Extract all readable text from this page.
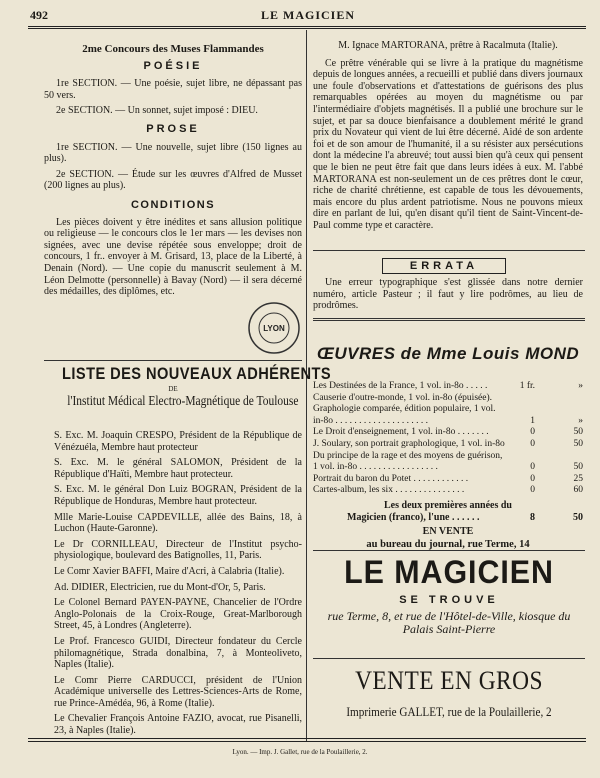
492	LE MAGICIEN

2me Concours des Muses Flammandes

POÉSIE

1re SECTION. — Une poésie, sujet libre, ne dépassant pas 50 vers.

2e SECTION. — Un sonnet, sujet imposé : DIEU.

PROSE

1re SECTION. — Une nouvelle, sujet libre (150 lignes au plus).

2e SECTION. — Étude sur les œuvres d'Alfred de Musset (200 lignes au plus).

CONDITIONS

Les pièces doivent y être inédites et sans allusion politique ou religieuse — le concours clos le 1er mars — les devises non signées, avec une devise répétée sous enveloppe; droit de concours, 1 fr.. envoyer à M. Grisard, 13, place de la Liberté, à Denain (Nord). — Une copie du manuscrit seulement à M. Léon Delmotte (personnelle) à Bavay (Nord) — il sera décerné des médailles, des diplômes, etc.

LYON

LISTE DES NOUVEAUX ADHÉRENTS

DE

l'Institut Médical Electro-Magnétique de Toulouse

S. Exc. M. Joaquin CRESPO, Président de la République de Vénézuéla, Membre haut protecteur

S. Exc. M. le général SALOMON, Président de la République d'Haïti, Membre haut protecteur.

S. Exc. M. le général Don Luiz BOGRAN, Président de la République de Honduras, Membre haut protecteur.

Mlle Marie-Louise CAPDEVILLE, allée des Bains, 18, à Luchon (Haute-Garonne).

Le Dr CORNILLEAU, Directeur de l'Institut psycho-physiologique, boulevard des Batignolles, 11, Paris.

Le Comr Xavier BAFFI, Maire d'Acri, à Calabria (Italie).

Ad. DIDIER, Electricien, rue du Mont-d'Or, 5, Paris.

Le Colonel Bernard PAYEN-PAYNE, Chancelier de l'Ordre Anglo-Polonais de la Croix-Rouge, Great-Marlborough Street, 45, à Londres (Angleterre).

Le Prof. Francesco GUIDI, Directeur fondateur du Cercle philomagnétique, Strada donalbina, 7, à Monteoliveto, Naples (Italie).

Le Comr Pierre CARDUCCI, président de l'Union Académique universelle des Lettres-Sciences-Arts de Rome, rue Prince-Amédéa, 96, à Rome (Italie).

Le Chevalier François Antoine FAZIO, avocat, rue Pisanelli, 23, à Naples (Italie).

M. Ignace MARTORANA, prêtre à Racalmuta (Italie).

Ce prêtre vénérable qui se livre à la pratique du magnétisme depuis de longues années, a recueilli et publié dans divers journaux une foule d'observations et d'attestations de guérisons des plus remarquables opérées au moyen du magnétisme ou par l'intermédiaire d'objets magnétisés. Il a publié une brochure sur le sujet, et par sa douce bienfaisance a doublement mérité le grand prix du Novateur qui vient de lui être décerné. Aidé de son ardente foi et de son amour de l'humanité, il a su résister aux persécutions dont la médecine l'a abreuvé; tout aussi bien qu'à ceux qui pensent que le bien ne peut être fait que dans leurs idées à eux. M. l'abbé MARTORANA est non-seulement un de ces prêtres dont le cœur, riche de charité chrétienne, est capable de tous les dévouements, mais encore du plus ardent patriotisme. Nous ne pouvons mieux dire en parlant de lui, qu'en disant qu'il tient de Saint-Vincent-de-Paul comme type et caractère.

ERRATA

Une erreur typographique s'est glissée dans notre dernier numéro, article Pasteur ; il faut y lire podrômes, au lieu de prodrômes.

ŒUVRES de Mme Louis MOND

Les Destinées de la France, 1 vol. in-8o . . . . .	1 fr.	»
Causerie d'outre-monde, 1 vol. in-8o (épuisée).
Graphologie comparée, édition populaire, 1 vol.
in-8o . . . . . . . . . . . . . . . . . . . .	1	»
Le Droit d'enseignement, 1 vol. in-8o . . . . . . .	0	50
J. Soulary, son portrait graphologique, 1 vol. in-8o	0	50
Du principe de la rage et des moyens de guérison,
1 vol. in-8o . . . . . . . . . . . . . . . . .	0	50
Portrait du baron du Potet . . . . . . . . . . . .	0	25
Cartes-album, les six . . . . . . . . . . . . . . .	0	60

Les deux premières années du

Magicien (franco), l'une . . . . . .	8	50

EN VENTE

au bureau du journal, rue Terme, 14

LE MAGICIEN
SE TROUVE
rue Terme, 8, et rue de l'Hôtel-de-Ville, kiosque du Palais Saint-Pierre
VENTE EN GROS
Imprimerie GALLET, rue de la Poulaillerie, 2
Lyon. — Imp. J. Gallet, rue de la Poulaillerie, 2.
